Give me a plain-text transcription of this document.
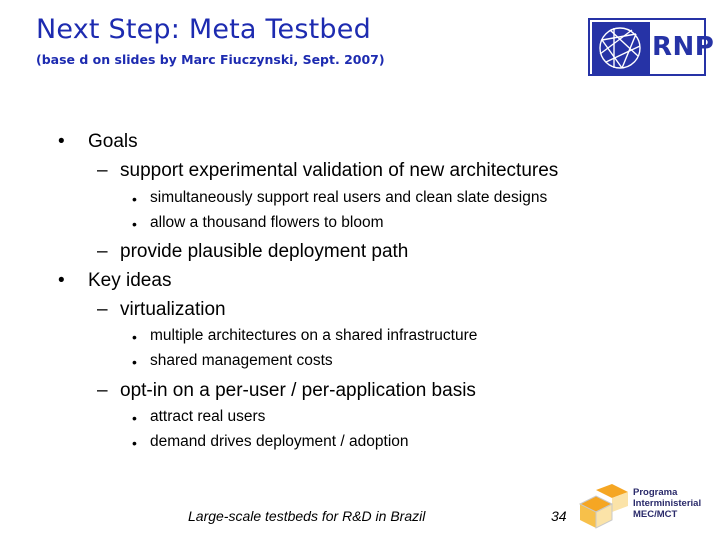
Next Step: Meta Testbed
(base d on slides by Marc Fiuczynski, Sept. 2007)	RNP
• Goals
– support experimental validation of new architectures
• simultaneously support real users and clean slate designs
• allow a thousand flowers to bloom
– provide plausible deployment path
• Key ideas
– virtualization
• multiple architectures on a shared infrastructure
• shared management costs
– opt-in on a per-user / per-application basis
• attract real users
• demand drives deployment / adoption
Large-scale testbeds for R&D in Brazil	34
Programa
Interministerial
MEC/MCT
